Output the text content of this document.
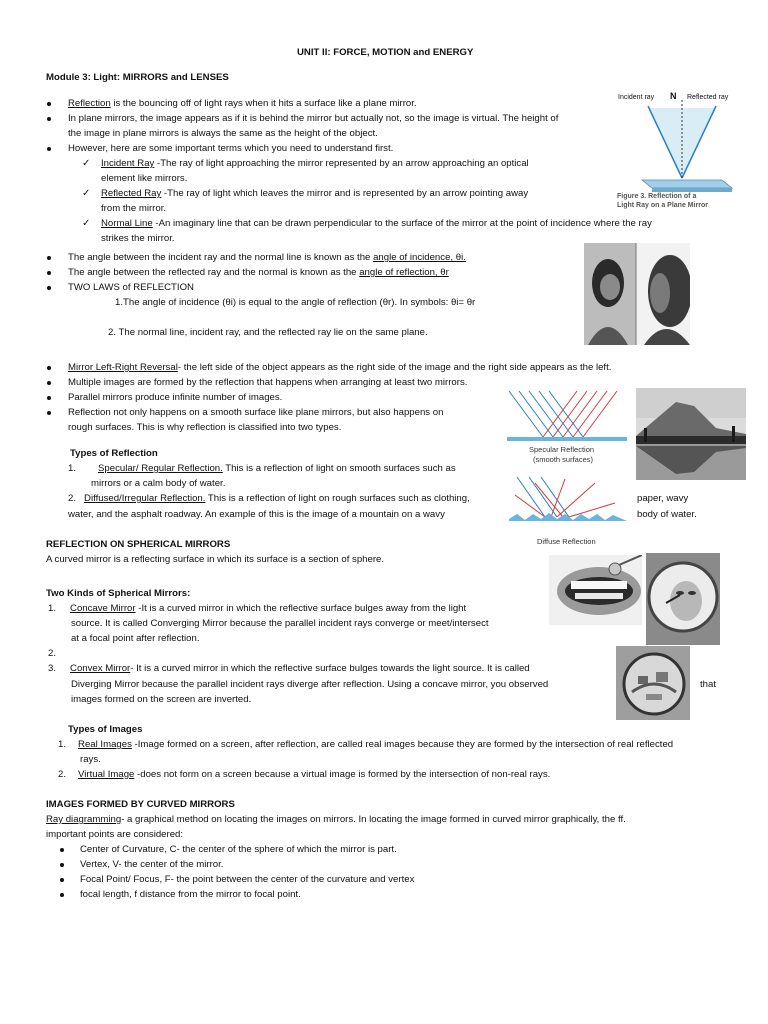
UNIT II: FORCE, MOTION and ENERGY
Module 3: Light: MIRRORS and LENSES
Incident ray N Reflected ray
Figure 3. Reflection of a
Light Ray on a Plane Mirror
Reflection is the bouncing off of light rays when it hits a surface like a plane mirror.
In plane mirrors, the image appears as if it is behind the mirror but actually not, so the image is virtual. The height of
the image in plane mirrors is always the same as the height of the object.
However, here are some important terms which you need to understand first.
✓ Incident Ray -The ray of light approaching the mirror represented by an arrow approaching an optical
element like mirrors.
✓ Reflected Ray -The ray of light which leaves the mirror and is represented by an arrow pointing away
from the mirror.
✓ Normal Line -An imaginary line that can be drawn perpendicular to the surface of the mirror at the point of incidence where the ray
strikes the mirror.
The angle between the incident ray and the normal line is known as the angle of incidence, θi.
The angle between the reflected ray and the normal is known as the angle of reflection, θr
TWO LAWS of REFLECTION
1.The angle of incidence (θi) is equal to the angle of reflection (θr). In symbols: θi= θr
2. The normal line, incident ray, and the reflected ray lie on the same plane.
Mirror Left-Right Reversal- the left side of the object appears as the right side of the image and the right side appears as the left.
Multiple images are formed by the reflection that happens when arranging at least two mirrors.
Parallel mirrors produce infinite number of images.
Reflection not only happens on a smooth surface like plane mirrors, but also happens on
rough surfaces. This is why reflection is classified into two types.
Specular Reflection
(smooth surfaces)
Diffuse Reflection
Types of Reflection
1. Specular/ Regular Reflection. This is a reflection of light on smooth surfaces such as
mirrors or a calm body of water.
2. Diffused/Irregular Reflection. This is a reflection of light on rough surfaces such as clothing,	paper, wavy
water, and the asphalt roadway. An example of this is the image of a mountain on a wavy	body of water.
REFLECTION ON SPHERICAL MIRRORS
A curved mirror is a reflecting surface in which its surface is a section of sphere.
Two Kinds of Spherical Mirrors:
1. Concave Mirror -It is a curved mirror in which the reflective surface bulges away from the light
source. It is called Converging Mirror because the parallel incident rays converge or meet/intersect
at a focal point after reflection.
2.
3. Convex Mirror- It is a curved mirror in which the reflective surface bulges towards the light source. It is called
Diverging Mirror because the parallel incident rays diverge after reflection. Using a concave mirror, you observed	that
images formed on the screen are inverted.
Types of Images
1. Real Images -Image formed on a screen, after reflection, are called real images because they are formed by the intersection of real reflected
rays.
2. Virtual Image -does not form on a screen because a virtual image is formed by the intersection of non-real rays.
IMAGES FORMED BY CURVED MIRRORS
Ray diagramming- a graphical method on locating the images on mirrors. In locating the image formed in curved mirror graphically, the ff.
important points are considered:
Center of Curvature, C- the center of the sphere of which the mirror is part.
Vertex, V- the center of the mirror.
Focal Point/ Focus, F- the point between the center of the curvature and vertex
focal length, f distance from the mirror to focal point.
